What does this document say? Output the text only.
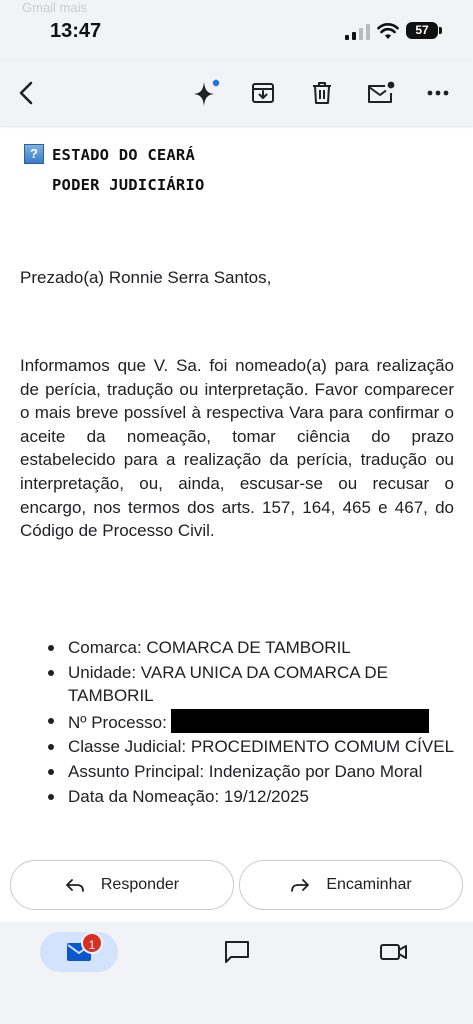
Gmail mais
13:47	57
? ESTADO DO CEARÁ
PODER JUDICIÁRIO
Prezado(a) Ronnie Serra Santos,
Informamos que V. Sa. foi nomeado(a) para realização de perícia, tradução ou interpretação. Favor comparecer o mais breve possível à respectiva Vara para confirmar o aceite da nomeação, tomar ciência do prazo estabelecido para a realização da perícia, tradução ou interpretação, ou, ainda, escusar-se ou recusar o encargo, nos termos dos arts. 157, 164, 465 e 467, do Código de Processo Civil.
Comarca: COMARCA DE TAMBORIL
Unidade: VARA UNICA DA COMARCA DE TAMBORIL
Nº Processo:
Classe Judicial: PROCEDIMENTO COMUM CÍVEL
Assunto Principal: Indenização por Dano Moral
Data da Nomeação: 19/12/2025
Responder	Encaminhar
1
